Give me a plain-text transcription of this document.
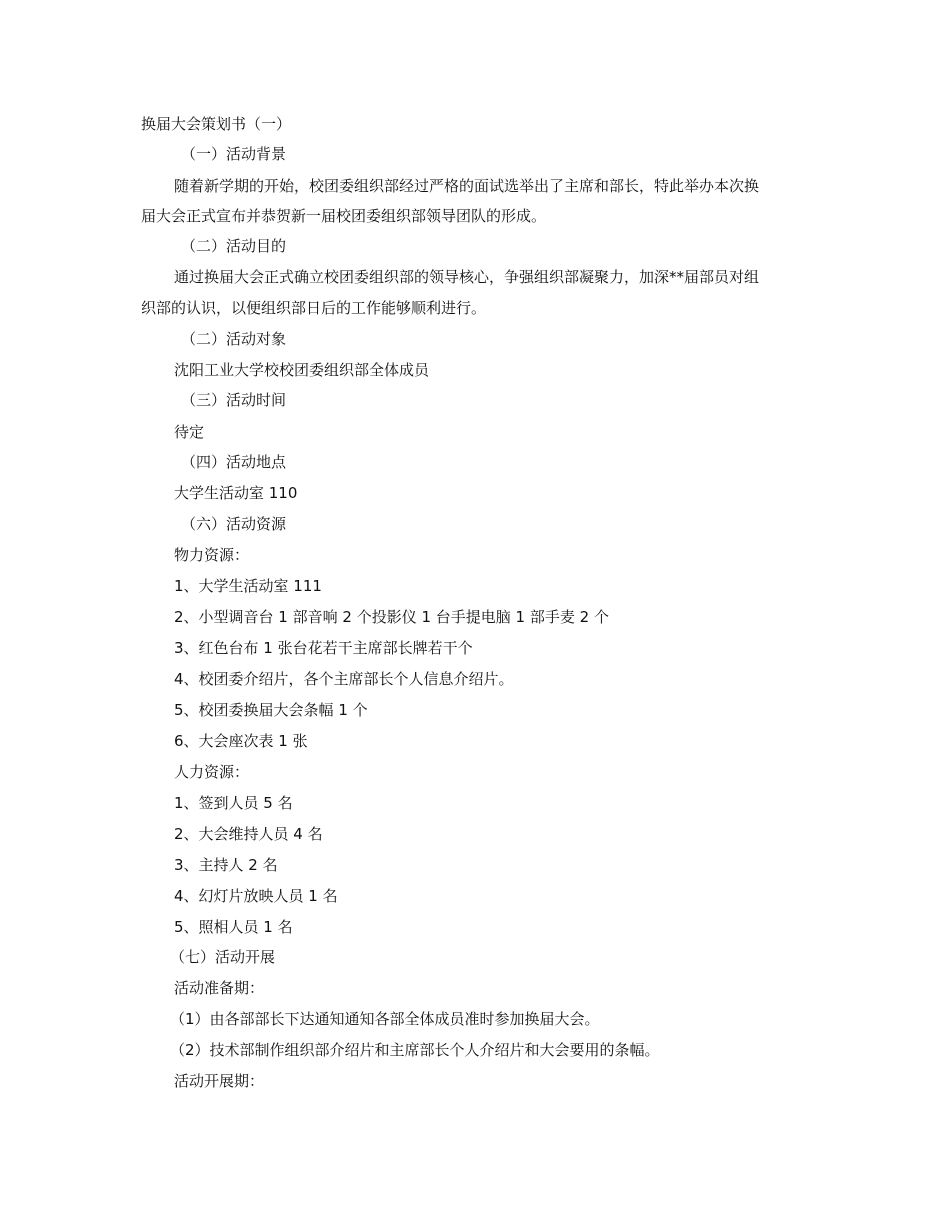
换届大会策划书（一）
（一）活动背景
随着新学期的开始，校团委组织部经过严格的面试选举出了主席和部长，特此举办本次换
届大会正式宣布并恭贺新一届校团委组织部领导团队的形成。
（二）活动目的
通过换届大会正式确立校团委组织部的领导核心，争强组织部凝聚力，加深**届部员对组
织部的认识，以便组织部日后的工作能够顺利进行。
（二）活动对象
沈阳工业大学校校团委组织部全体成员
（三）活动时间
待定
（四）活动地点
大学生活动室 110
（六）活动资源
物力资源：
1、大学生活动室 111
2、小型调音台 1 部音响 2 个投影仪 1 台手提电脑 1 部手麦 2 个
3、红色台布 1 张台花若干主席部长牌若干个
4、校团委介绍片，各个主席部长个人信息介绍片。
5、校团委换届大会条幅 1 个
6、大会座次表 1 张
人力资源：
1、签到人员 5 名
2、大会维持人员 4 名
3、主持人 2 名
4、幻灯片放映人员 1 名
5、照相人员 1 名
（七）活动开展
活动准备期：
（1）由各部部长下达通知通知各部全体成员准时参加换届大会。
（2）技术部制作组织部介绍片和主席部长个人介绍片和大会要用的条幅。
活动开展期：
